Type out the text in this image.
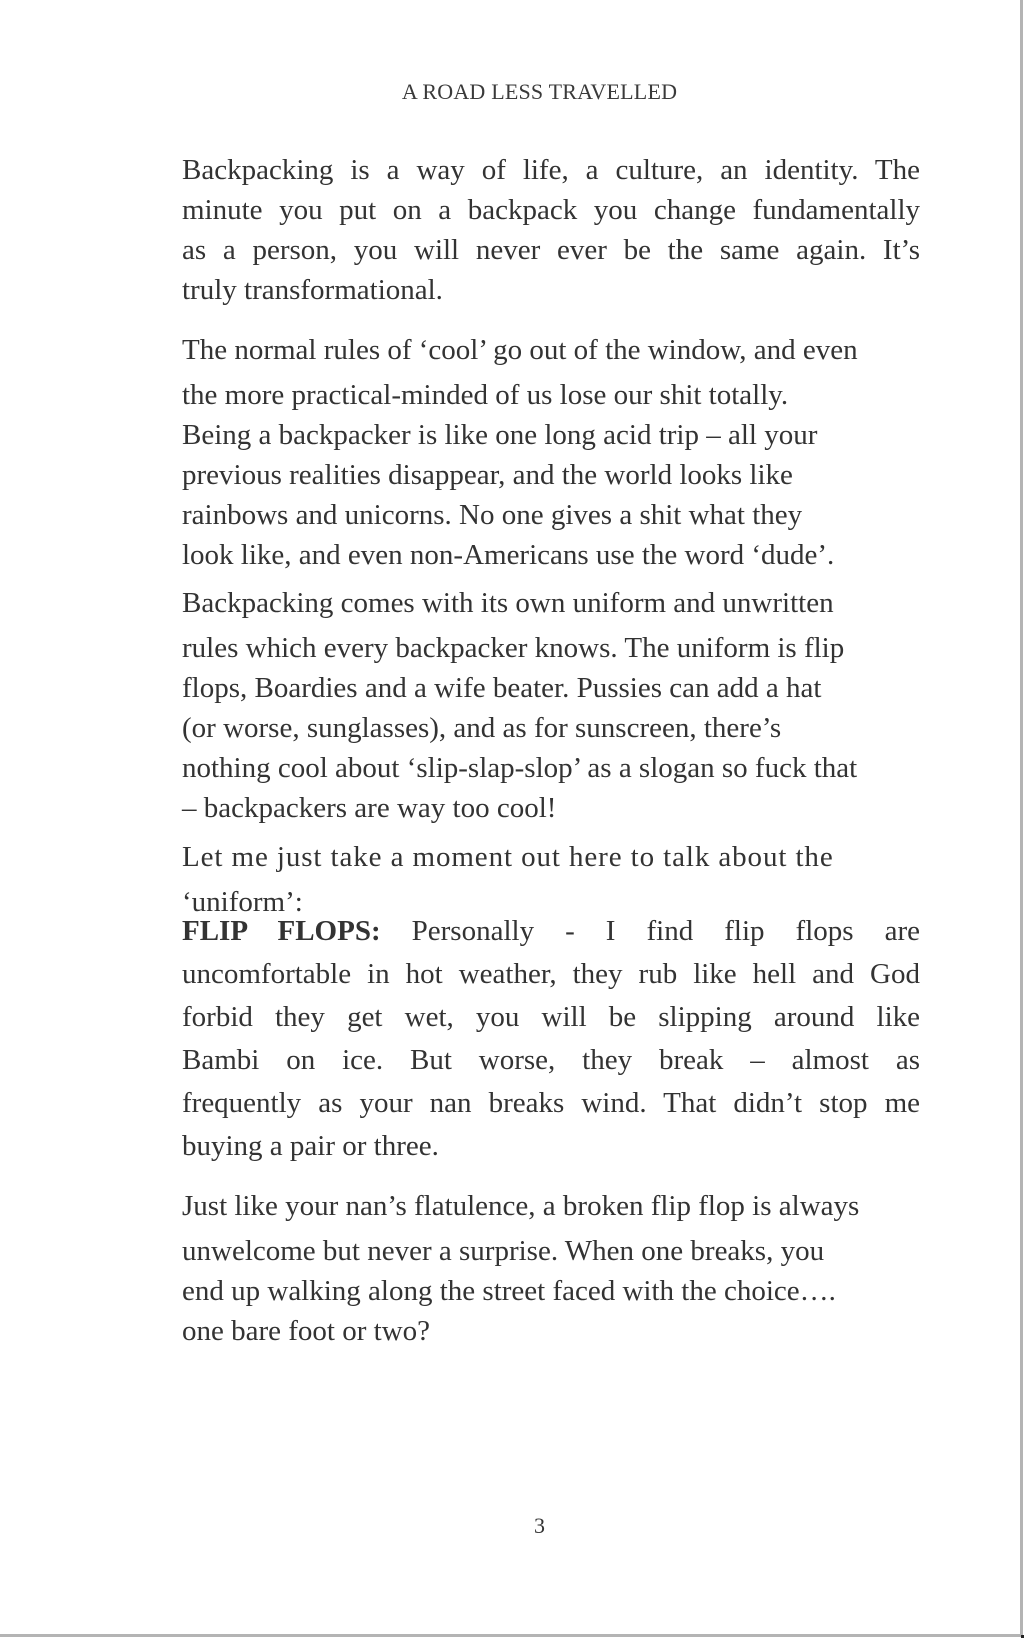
A ROAD LESS TRAVELLED
Backpacking is a way of life, a culture, an identity. The
minute you put on a backpack you change fundamentally
as a person, you will never ever be the same again. It’s
truly transformational.
The normal rules of ‘cool’ go out of the window, and even
the more practical-minded of us lose our shit totally.
Being a backpacker is like one long acid trip – all your
previous realities disappear, and the world looks like
rainbows and unicorns. No one gives a shit what they
look like, and even non-Americans use the word ‘dude’.
Backpacking comes with its own uniform and unwritten
rules which every backpacker knows. The uniform is flip
flops, Boardies and a wife beater. Pussies can add a hat
(or worse, sunglasses), and as for sunscreen, there’s
nothing cool about ‘slip-slap-slop’ as a slogan so fuck that
– backpackers are way too cool!
Let me just take a moment out here to talk about the
‘uniform’:
FLIP FLOPS: Personally - I find flip flops are
uncomfortable in hot weather, they rub like hell and God
forbid they get wet, you will be slipping around like
Bambi on ice. But worse, they break – almost as
frequently as your nan breaks wind. That didn’t stop me
buying a pair or three.
Just like your nan’s flatulence, a broken flip flop is always
unwelcome but never a surprise. When one breaks, you
end up walking along the street faced with the choice….
one bare foot or two?
3
